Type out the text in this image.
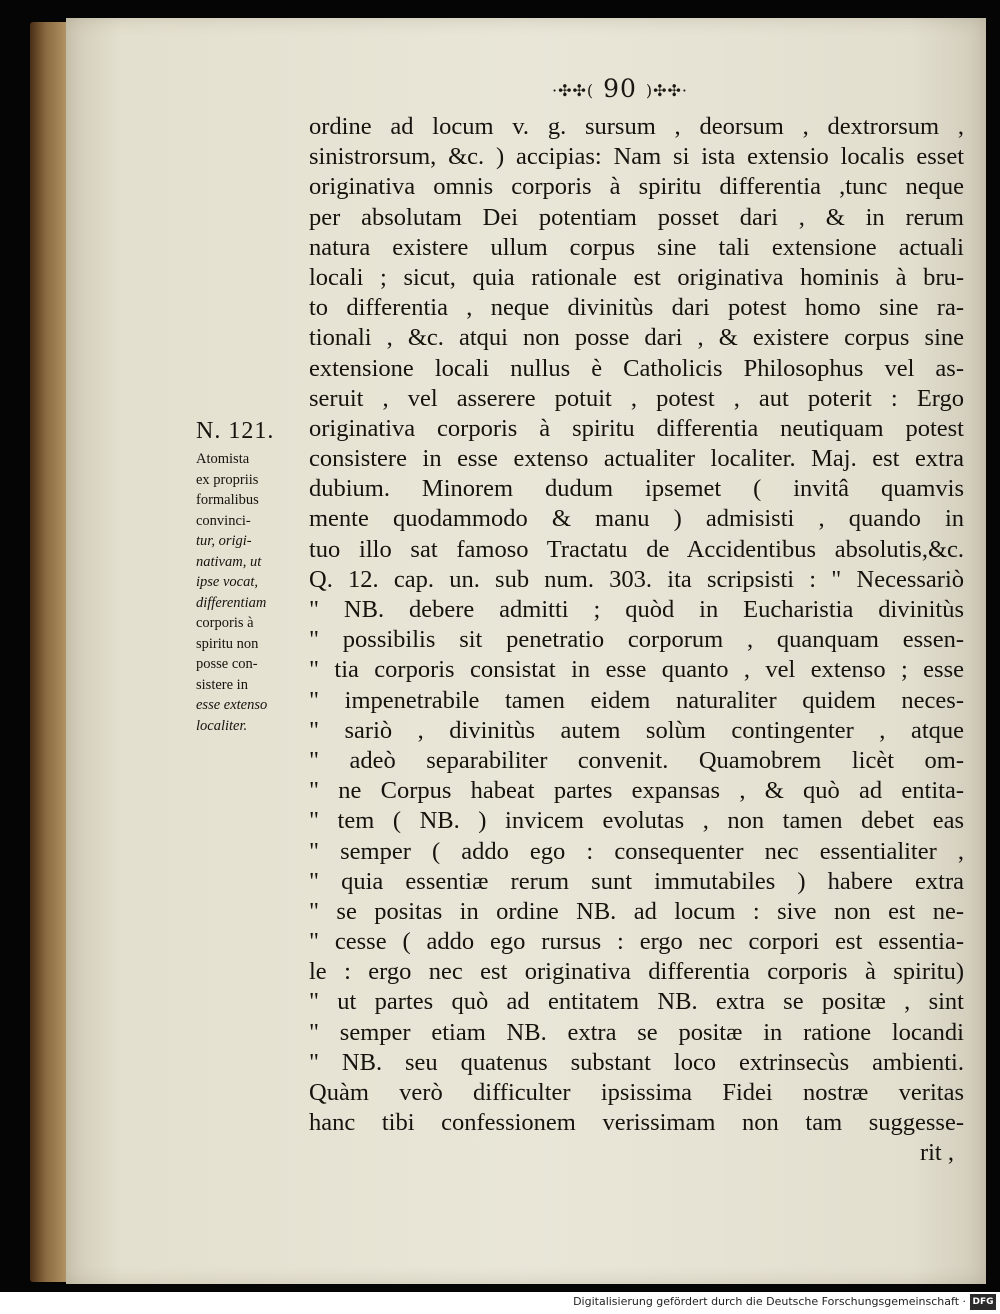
·✣✣( 90 )✣✣·
N. 121.
Atomista
ex propriis
formalibus
convinci-
tur, origi-
nativam, ut
ipse vocat,
differentiam
corporis à
spiritu non
posse con-
sistere in
esse extenso
localiter.
ordine ad locum v. g. sursum , deorsum , dextrorsum ,
sinistrorsum, &c. ) accipias: Nam si ista extensio localis esset
originativa omnis corporis à spiritu differentia ,tunc neque
per absolutam Dei potentiam posset dari , & in rerum
natura existere ullum corpus sine tali extensione actuali
locali ; sicut, quia rationale est originativa hominis à bru-
to differentia , neque divinitùs dari potest homo sine ra-
tionali , &c. atqui non posse dari , & existere corpus sine
extensione locali nullus è Catholicis Philosophus vel as-
seruit , vel asserere potuit , potest , aut poterit : Ergo
originativa corporis à spiritu differentia neutiquam potest
consistere in esse extenso actualiter localiter. Maj. est extra
dubium. Minorem dudum ipsemet ( invitâ quamvis
mente quodammodo & manu ) admisisti , quando in
tuo illo sat famoso Tractatu de Accidentibus absolutis,&c.
Q. 12. cap. un. sub num. 303. ita scripsisti : " Necessariò
" NB. debere admitti ; quòd in Eucharistia divinitùs
" possibilis sit penetratio corporum , quanquam essen-
" tia corporis consistat in esse quanto , vel extenso ; esse
" impenetrabile tamen eidem naturaliter quidem neces-
" sariò , divinitùs autem solùm contingenter , atque
" adeò separabiliter convenit. Quamobrem licèt om-
" ne Corpus habeat partes expansas , & quò ad entita-
" tem ( NB. ) invicem evolutas , non tamen debet eas
" semper ( addo ego : consequenter nec essentialiter ,
" quia essentiæ rerum sunt immutabiles ) habere extra
" se positas in ordine NB. ad locum : sive non est ne-
" cesse ( addo ego rursus : ergo nec corpori est essentia-
le : ergo nec est originativa differentia corporis à spiritu)
" ut partes quò ad entitatem NB. extra se positæ , sint
" semper etiam NB. extra se positæ in ratione locandi
" NB. seu quatenus substant loco extrinsecùs ambienti.
Quàm verò difficulter ipsissima Fidei nostræ veritas
hanc tibi confessionem verissimam non tam suggesse-
rit ,
Digitalisierung gefördert durch die Deutsche Forschungsgemeinschaft · DFG
